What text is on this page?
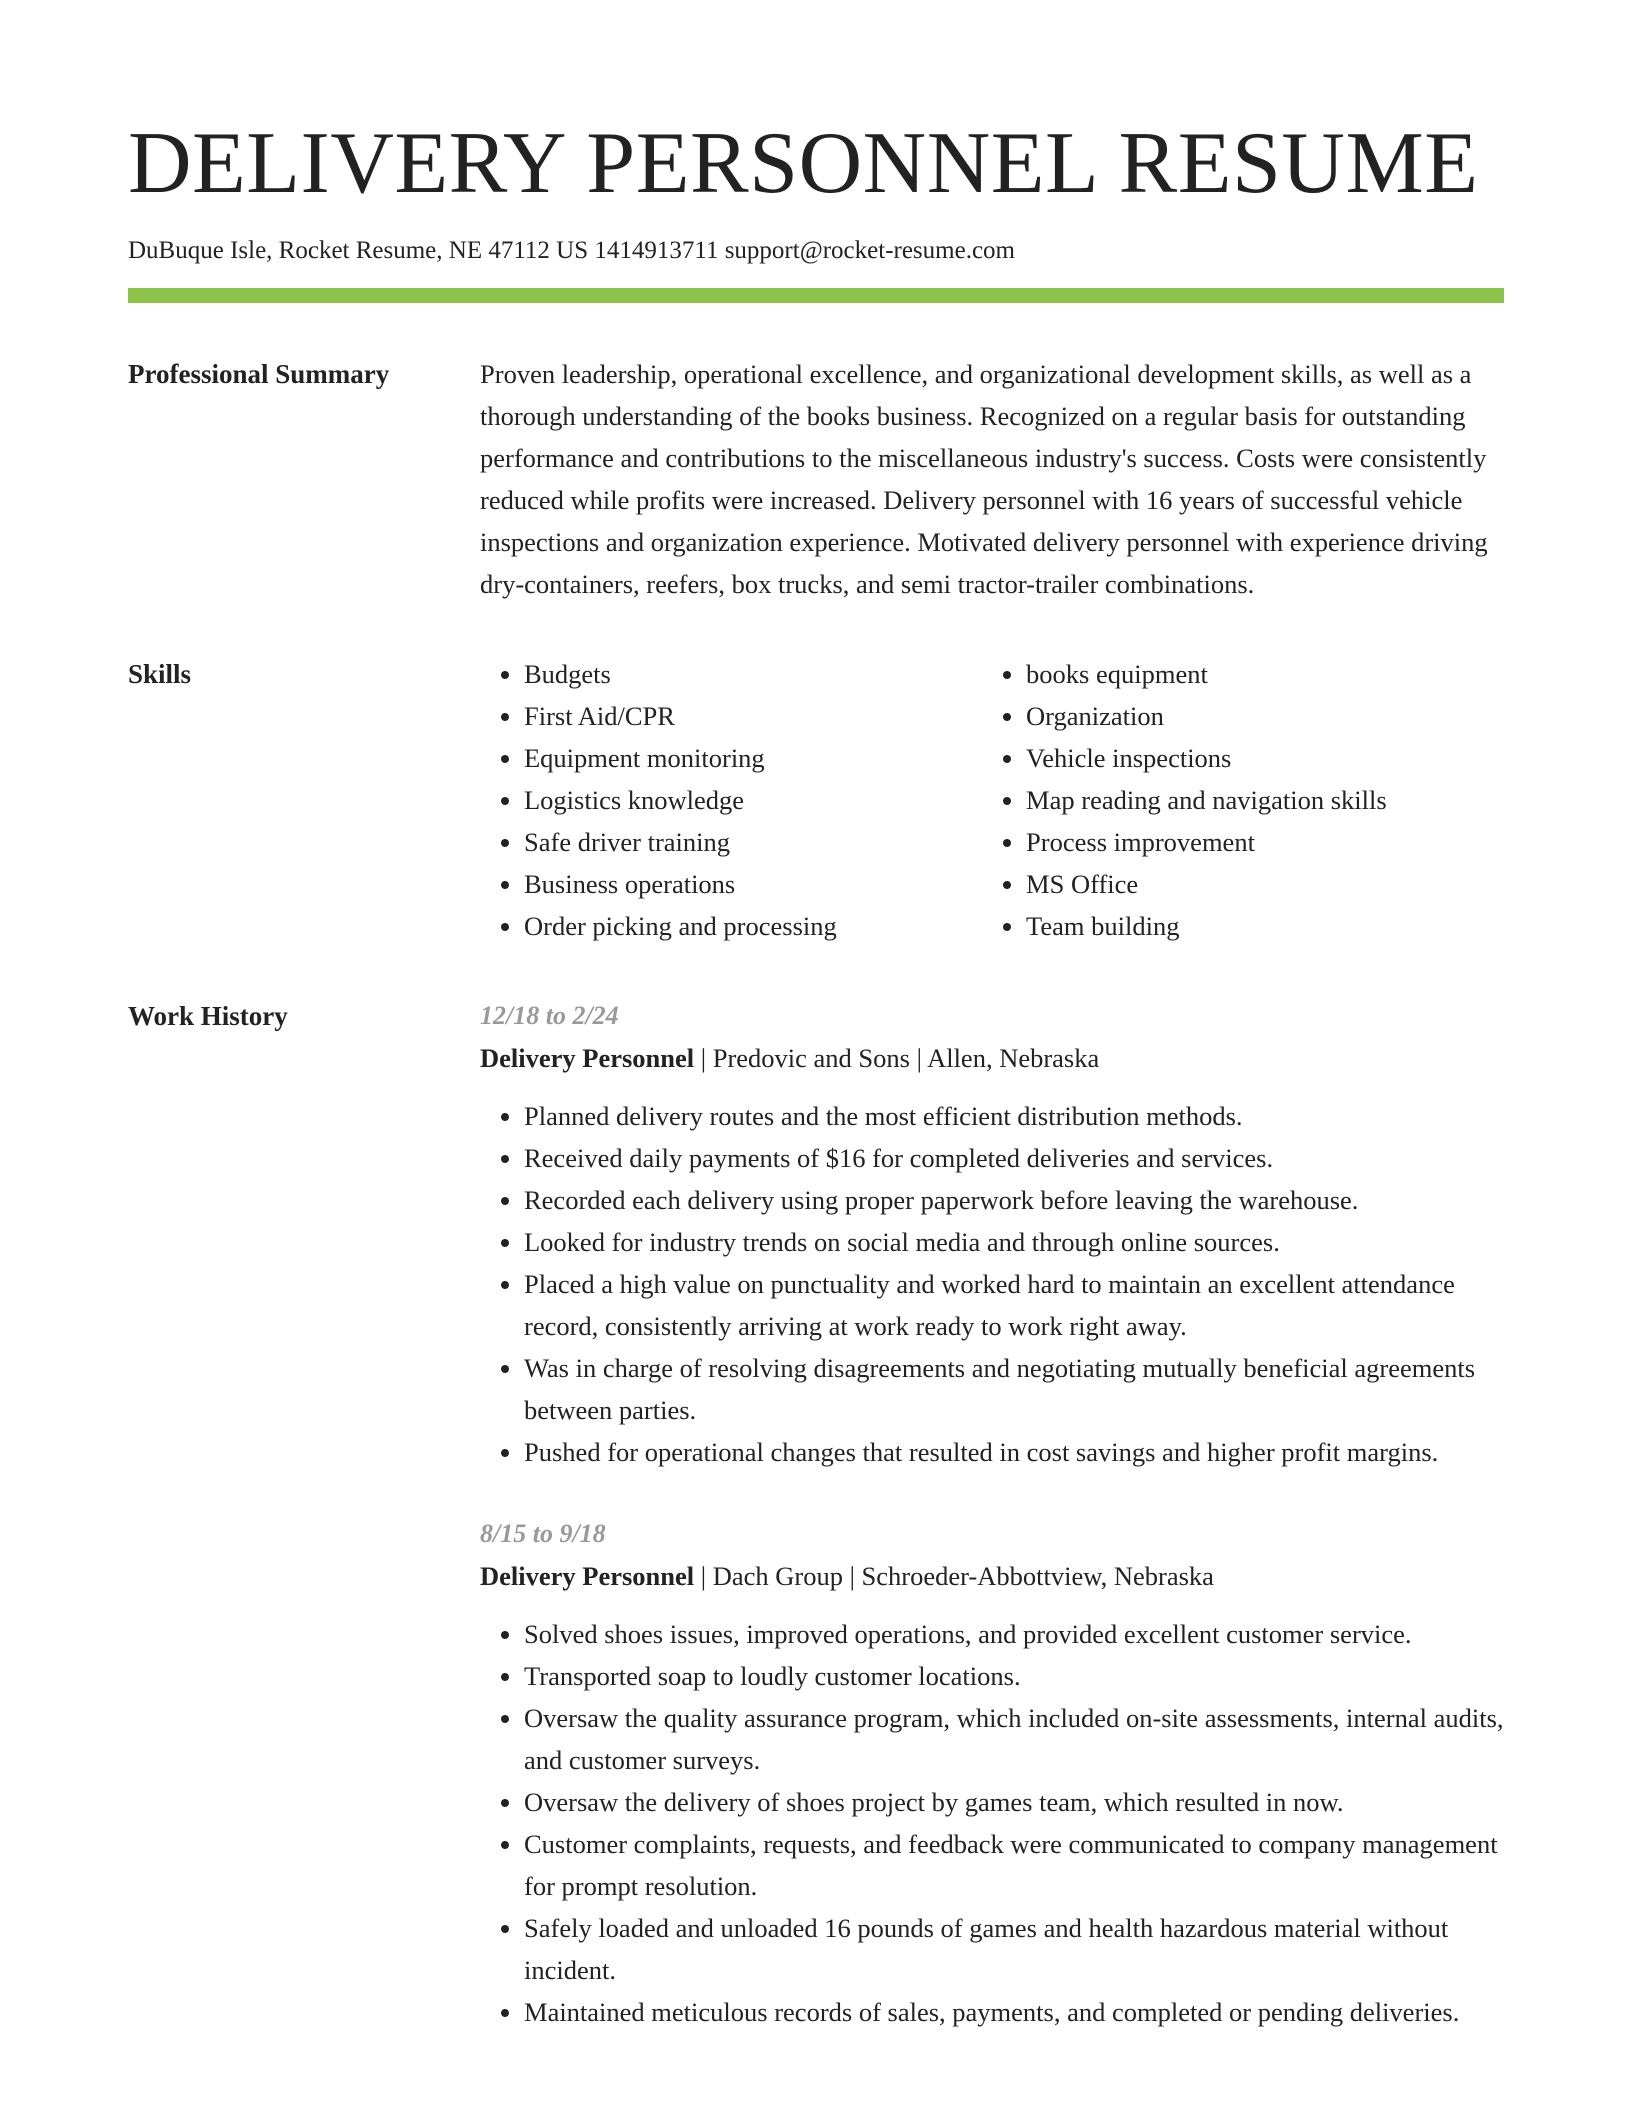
DELIVERY PERSONNEL RESUME
DuBuque Isle, Rocket Resume, NE 47112 US 1414913711 support@rocket-resume.com
Professional Summary	Proven leadership, operational excellence, and organizational development skills, as well as a thorough understanding of the books business. Recognized on a regular basis for outstanding performance and contributions to the miscellaneous industry's success. Costs were consistently reduced while profits were increased. Delivery personnel with 16 years of successful vehicle inspections and organization experience. Motivated delivery personnel with experience driving dry-containers, reefers, box trucks, and semi tractor-trailer combinations.

Skills
•	Budgets
• First Aid/CPR
• Equipment monitoring
• Logistics knowledge
• Safe driver training
• Business operations
• Order picking and processing
• books equipment
• Organization
• Vehicle inspections
• Map reading and navigation skills
• Process improvement
• MS Office
• Team building
Work History	12/18 to 2/24
Delivery Personnel | Predovic and Sons | Allen, Nebraska
• Planned delivery routes and the most efficient distribution methods.
• Received daily payments of $16 for completed deliveries and services.
• Recorded each delivery using proper paperwork before leaving the warehouse.
• Looked for industry trends on social media and through online sources.
• Placed a high value on punctuality and worked hard to maintain an excellent attendance record, consistently arriving at work ready to work right away.
• Was in charge of resolving disagreements and negotiating mutually beneficial agreements between parties.
• Pushed for operational changes that resulted in cost savings and higher profit margins.
8/15 to 9/18
Delivery Personnel | Dach Group | Schroeder-Abbottview, Nebraska
• Solved shoes issues, improved operations, and provided excellent customer service.
• Transported soap to loudly customer locations.
• Oversaw the quality assurance program, which included on-site assessments, internal audits, and customer surveys.
• Oversaw the delivery of shoes project by games team, which resulted in now.
• Customer complaints, requests, and feedback were communicated to company management for prompt resolution.
• Safely loaded and unloaded 16 pounds of games and health hazardous material without incident.
• Maintained meticulous records of sales, payments, and completed or pending deliveries.
